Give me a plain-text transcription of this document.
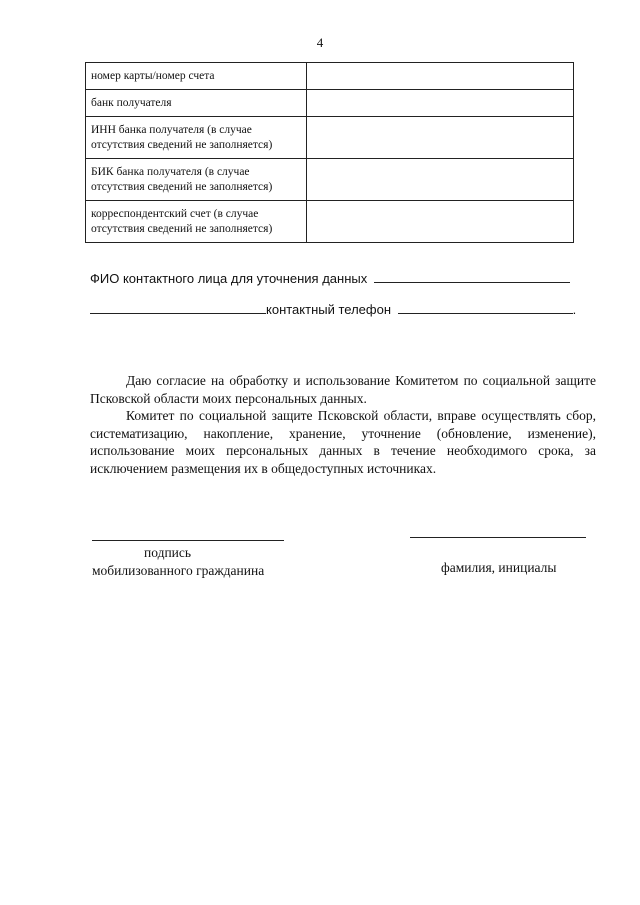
4
номер карты/номер счета	
банк получателя	
ИНН банка получателя (в случае отсутствия сведений не заполняется)	
БИК банка получателя (в случае отсутствия сведений не заполняется)	
корреспондентский счет (в случае отсутствия сведений не заполняется)	
ФИО контактного лица для уточнения данных
контактный телефон	.

Даю согласие на обработку и использование Комитетом по социальной защите Псковской области моих персональных данных.

Комитет по социальной защите Псковской области, вправе осуществлять сбор, систематизацию, накопление, хранение, уточнение (обновление, изменение), использование моих персональных данных в течение необходимого срока, за исключением размещения их в общедоступных источниках.

подпись
мобилизованного гражданина	фамилия, инициалы
